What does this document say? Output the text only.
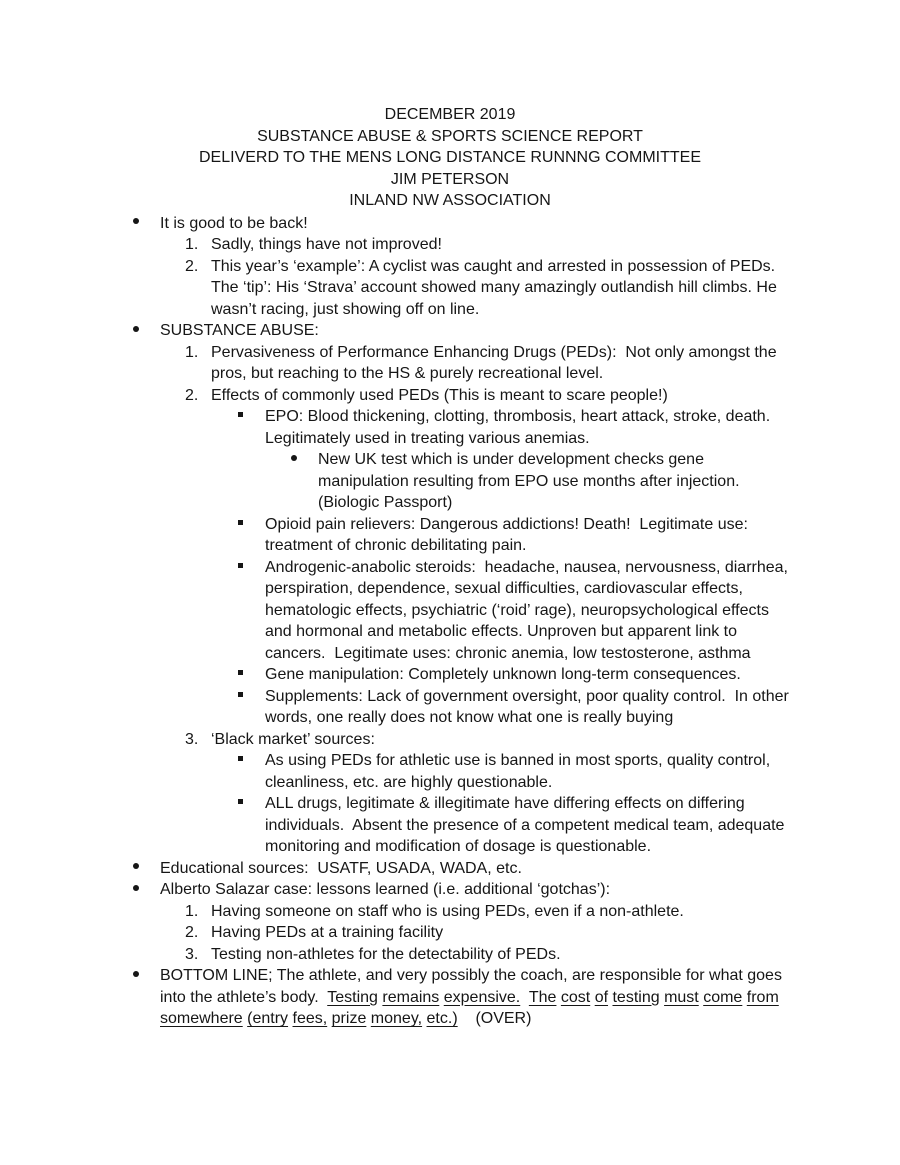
DECEMBER 2019
SUBSTANCE ABUSE & SPORTS SCIENCE REPORT
DELIVERD TO THE MENS LONG DISTANCE RUNNNG COMMITTEE
JIM PETERSON
INLAND NW ASSOCIATION
It is good to be back!
1. Sadly, things have not improved!
2. This year’s ‘example’: A cyclist was caught and arrested in possession of PEDs. The ‘tip’: His ‘Strava’ account showed many amazingly outlandish hill climbs. He wasn’t racing, just showing off on line.
SUBSTANCE ABUSE:
1. Pervasiveness of Performance Enhancing Drugs (PEDs):  Not only amongst the pros, but reaching to the HS & purely recreational level.
2. Effects of commonly used PEDs (This is meant to scare people!)
EPO: Blood thickening, clotting, thrombosis, heart attack, stroke, death. Legitimately used in treating various anemias.
New UK test which is under development checks gene manipulation resulting from EPO use months after injection. (Biologic Passport)
Opioid pain relievers: Dangerous addictions! Death!  Legitimate use: treatment of chronic debilitating pain.
Androgenic-anabolic steroids:  headache, nausea, nervousness, diarrhea, perspiration, dependence, sexual difficulties, cardiovascular effects, hematologic effects, psychiatric (‘roid’ rage), neuropsychological effects and hormonal and metabolic effects. Unproven but apparent link to cancers.  Legitimate uses: chronic anemia, low testosterone, asthma
Gene manipulation: Completely unknown long-term consequences.
Supplements: Lack of government oversight, poor quality control.  In other words, one really does not know what one is really buying
3. ‘Black market’ sources:
As using PEDs for athletic use is banned in most sports, quality control, cleanliness, etc. are highly questionable.
ALL drugs, legitimate & illegitimate have differing effects on differing individuals.  Absent the presence of a competent medical team, adequate monitoring and modification of dosage is questionable.
Educational sources:  USATF, USADA, WADA, etc.
Alberto Salazar case: lessons learned (i.e. additional ‘gotchas’):
1. Having someone on staff who is using PEDs, even if a non-athlete.
2. Having PEDs at a training facility
3. Testing non-athletes for the detectability of PEDs.
BOTTOM LINE; The athlete, and very possibly the coach, are responsible for what goes into the athlete’s body.  Testing remains expensive. The cost of testing must come from somewhere (entry fees, prize money, etc.)    (OVER)
